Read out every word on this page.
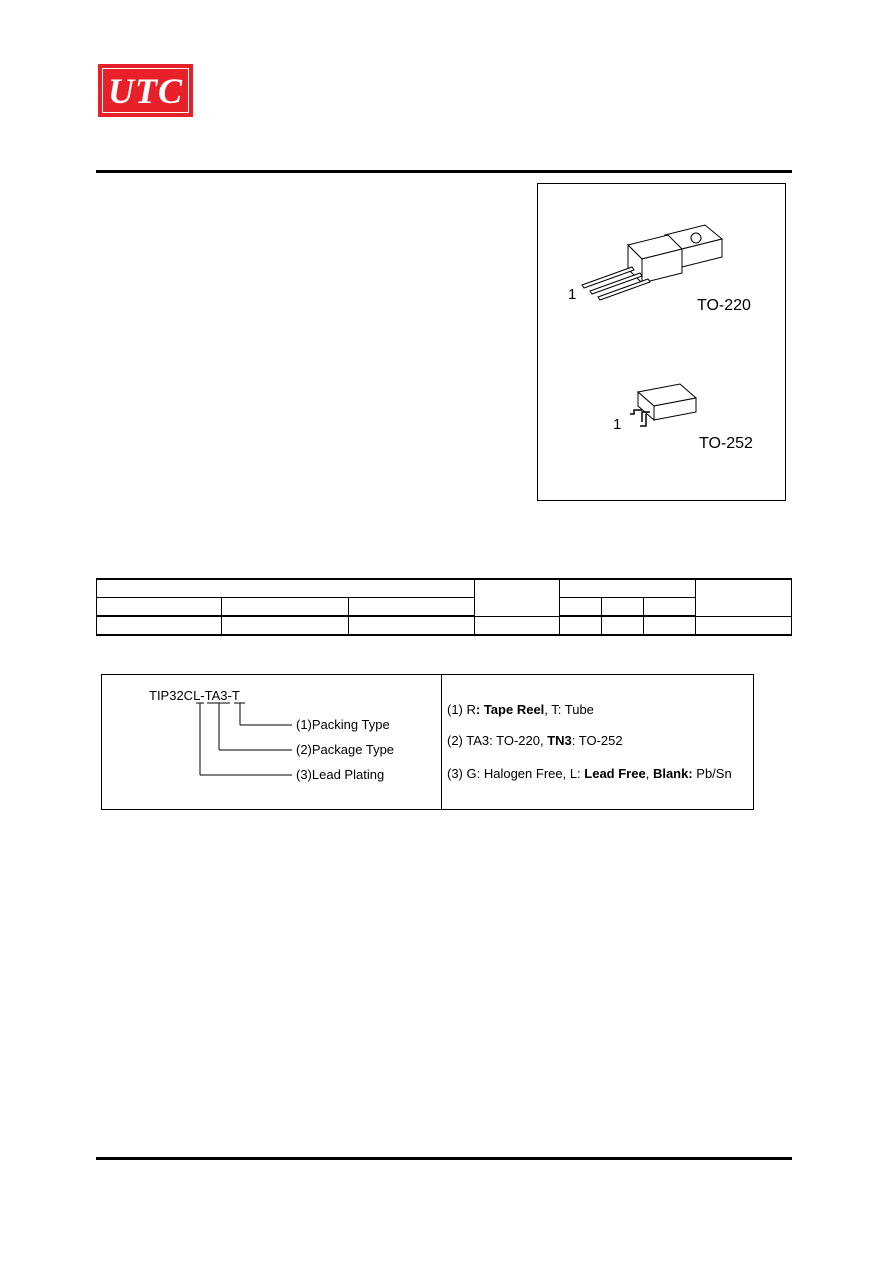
UTC
1
TO-220
1
TO-252

TIP32CL-TA3-T
(1)Packing Type
(2)Package Type
(3)Lead Plating
(1) R: Tape Reel, T: Tube
(2) TA3: TO-220, TN3: TO-252
(3) G: Halogen Free, L: Lead Free, Blank: Pb/Sn
